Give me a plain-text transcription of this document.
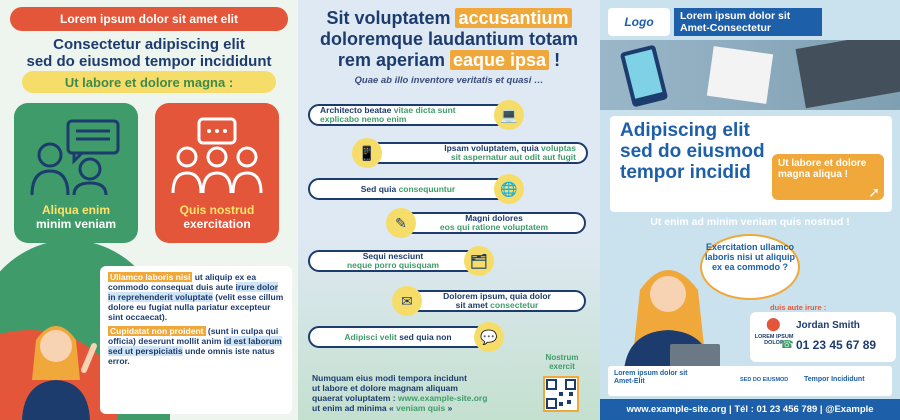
Lorem ipsum dolor sit amet elit
Consectetur adipiscing elit
sed do eiusmod tempor incididunt
Ut labore et dolore magna :
Aliqua enim
minim veniam
Quis nostrud
exercitation

Ullamco laboris nisi ut aliquip ex ea commodo consequat duis aute irure dolor in reprehenderit voluptate (velit esse cillum dolore eu fugiat nulla pariatur excepteur sint occaecat).

Cupidatat non proident (sunt in culpa qui officia) deserunt mollit anim id est laborum sed ut perspiciatis unde omnis iste natus error.

Sit voluptatem accusantium
doloremque laudantium totam
rem aperiam eaque ipsa !
Quae ab illo inventore veritatis et quasi …
Architecto beatae vitae dicta sunt
explicabo nemo enim	💻
Ipsam voluptatem, quia voluptas
sit aspernatur aut odit aut fugit
📱
Sed quia consequuntur	🌐
Magni dolores
eos qui ratione voluptatem
✎
Sequi nesciunt
neque porro quisquam	🗂
Dolorem ipsum, quia dolor
sit amet consectetur
✉
Adipisci velit sed quia non	💬
Numquam eius modi tempora incidunt
ut labore et dolore magnam aliquam
quaerat voluptatem : www.example-site.org
ut enim ad minima « veniam quis »
Nostrum exercit
Logo	Lorem ipsum dolor sit
Amet-Consectetur
Adipiscing elit
sed do eiusmod
tempor incidid	Ut labore et dolore magna aliqua !
➚
Ut enim ad minim veniam quis nostrud !
Exercitation ullamco laboris nisi ut aliquip ex ea commodo ?
duis aute irure :
⬤
LOREM IPSUM DOLOR
Jordan Smith
☎ 01 23 45 67 89
Lorem ipsum dolor sit Amet-Elit	SED DO EIUSMOD Tempor Incididunt
www.example-site.org | Tél : 01 23 456 789 | @Example
